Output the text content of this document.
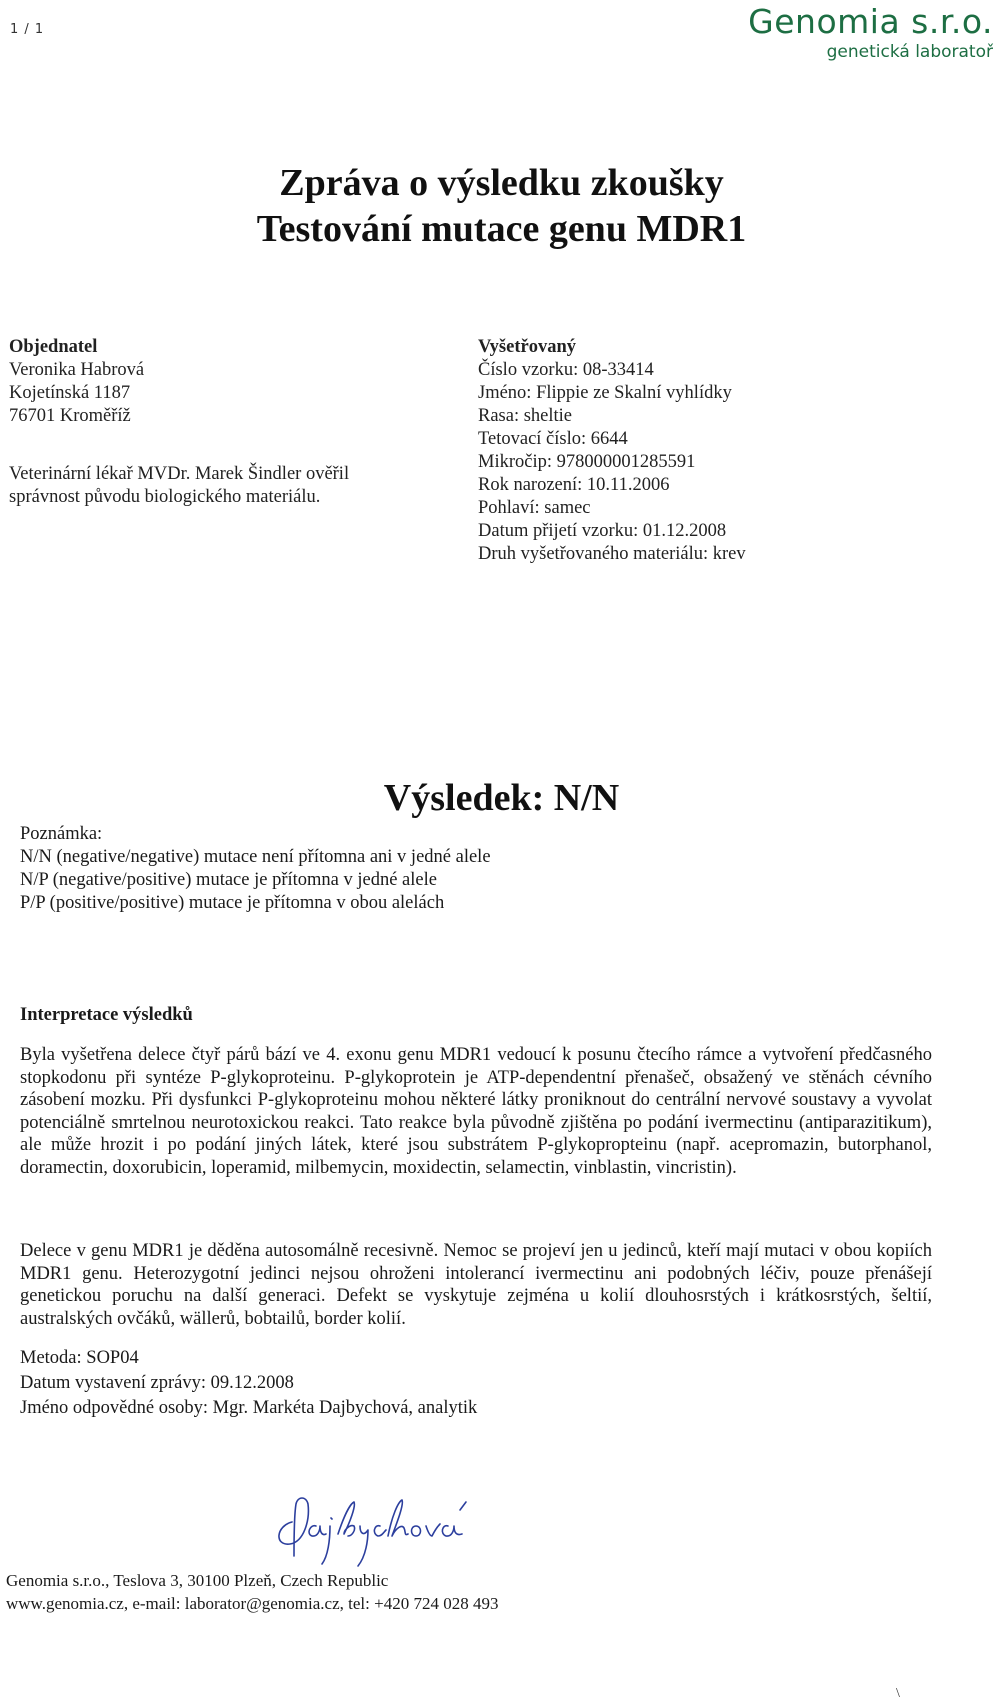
1 / 1	Genomia s.r.o.
genetická laboratoř
Zpráva o výsledku zkoušky
Testování mutace genu MDR1
Objednatel
Veronika Habrová
Kojetínská 1187
76701 Kroměříž
Veterinární lékař MVDr. Marek Šindler ověřil
správnost původu biologického materiálu.
Vyšetřovaný
Číslo vzorku: 08-33414
Jméno: Flippie ze Skalní vyhlídky
Rasa: sheltie
Tetovací číslo: 6644
Mikročip: 978000001285591
Rok narození: 10.11.2006
Pohlaví: samec
Datum přijetí vzorku: 01.12.2008
Druh vyšetřovaného materiálu: krev
Výsledek: N/N
Poznámka:
N/N (negative/negative) mutace není přítomna ani v jedné alele
N/P (negative/positive) mutace je přítomna v jedné alele
P/P (positive/positive) mutace je přítomna v obou alelách
Interpretace výsledků
Byla vyšetřena delece čtyř párů bází ve 4. exonu genu MDR1 vedoucí k posunu čtecího rámce a vytvoření předčasného stopkodonu při syntéze P-glykoproteinu. P-glykoprotein je ATP-dependentní přenašeč, obsažený ve stěnách cévního zásobení mozku. Při dysfunkci P-glykoproteinu mohou některé látky proniknout do centrální nervové soustavy a vyvolat potenciálně smrtelnou neurotoxickou reakci. Tato reakce byla původně zjištěna po podání ivermectinu (antiparazitikum), ale může hrozit i po podání jiných látek, které jsou substrátem P-glykopropteinu (např. acepromazin, butorphanol, doramectin, doxorubicin, loperamid, milbemycin, moxidectin, selamectin, vinblastin, vincristin).
Delece v genu MDR1 je děděna autosomálně recesivně. Nemoc se projeví jen u jedinců, kteří mají mutaci v obou kopiích MDR1 genu. Heterozygotní jedinci nejsou ohroženi intolerancí ivermectinu ani podobných léčiv, pouze přenášejí genetickou poruchu na další generaci. Defekt se vyskytuje zejména u kolií dlouhosrstých i krátkosrstých, šeltií, australských ovčáků, wällerů, bobtailů, border kolií.
Metoda: SOP04
Datum vystavení zprávy: 09.12.2008
Jméno odpovědné osoby: Mgr. Markéta Dajbychová, analytik
Genomia s.r.o., Teslova 3, 30100 Plzeň, Czech Republic
www.genomia.cz, e-mail: laborator@genomia.cz, tel: +420 724 028 493
\
